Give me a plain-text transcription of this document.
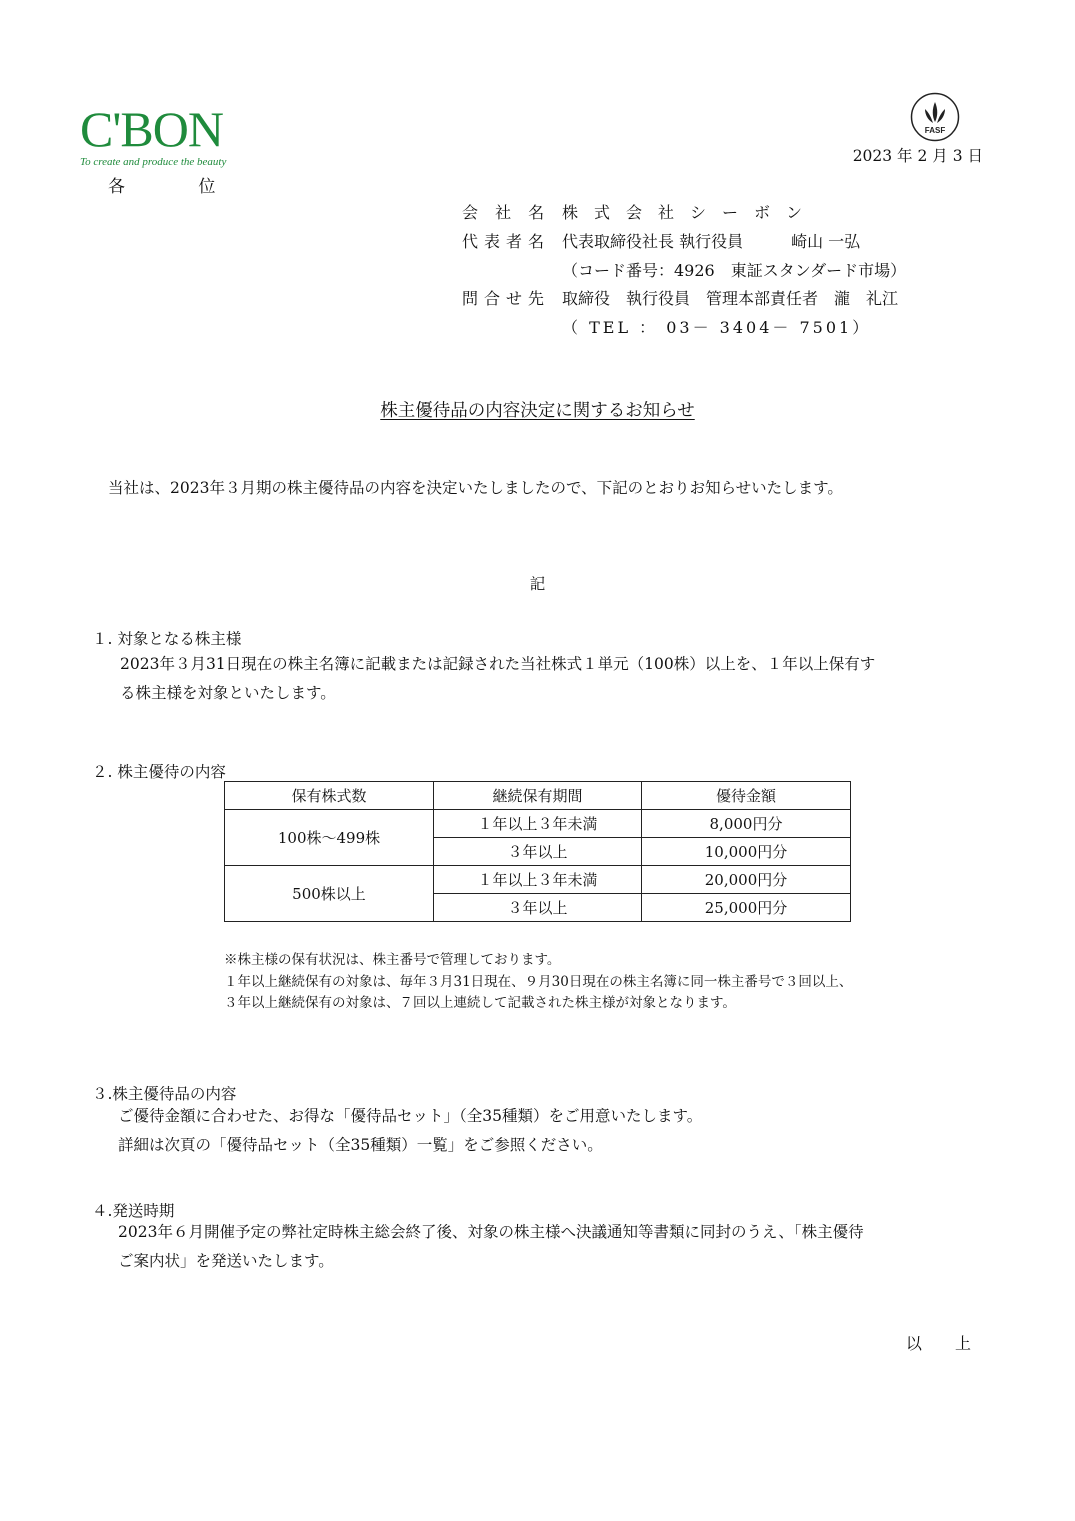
C'BON
To create and produce the beauty
FASF
2023 年 2 月 3 日
各 位
会 社 名 株　式　会　社　シ　ー　ボ　ン
代表者名 代表取締役社長 執行役員　　　崎山 一弘
（コード番号：4926　東証スタンダード市場）
問合せ先 取締役　執行役員　管理本部責任者　瀧　礼江
（ TEL ： 03－ 3404－ 7501）
株主優待品の内容決定に関するお知らせ
当社は、2023年３月期の株主優待品の内容を決定いたしましたので、下記のとおりお知らせいたします。
記
１. 対象となる株主様
2023年３月31日現在の株主名簿に記載または記録された当社株式１単元（100株）以上を、１年以上保有す
る株主様を対象といたします。
２. 株主優待の内容
保有株式数	継続保有期間	優待金額
100株～499株	１年以上３年未満	8,000円分
	３年以上	10,000円分
500株以上	１年以上３年未満	20,000円分
	３年以上	25,000円分
※株主様の保有状況は、株主番号で管理しております。
１年以上継続保有の対象は、毎年３月31日現在、９月30日現在の株主名簿に同一株主番号で３回以上、
３年以上継続保有の対象は、７回以上連続して記載された株主様が対象となります。
３.株主優待品の内容
ご優待金額に合わせた、お得な「優待品セット」（全35種類）をご用意いたします。
詳細は次頁の「優待品セット（全35種類）一覧」をご参照ください。
４.発送時期
2023年６月開催予定の弊社定時株主総会終了後、対象の株主様へ決議通知等書類に同封のうえ、「株主優待
ご案内状」を発送いたします。
以 上
